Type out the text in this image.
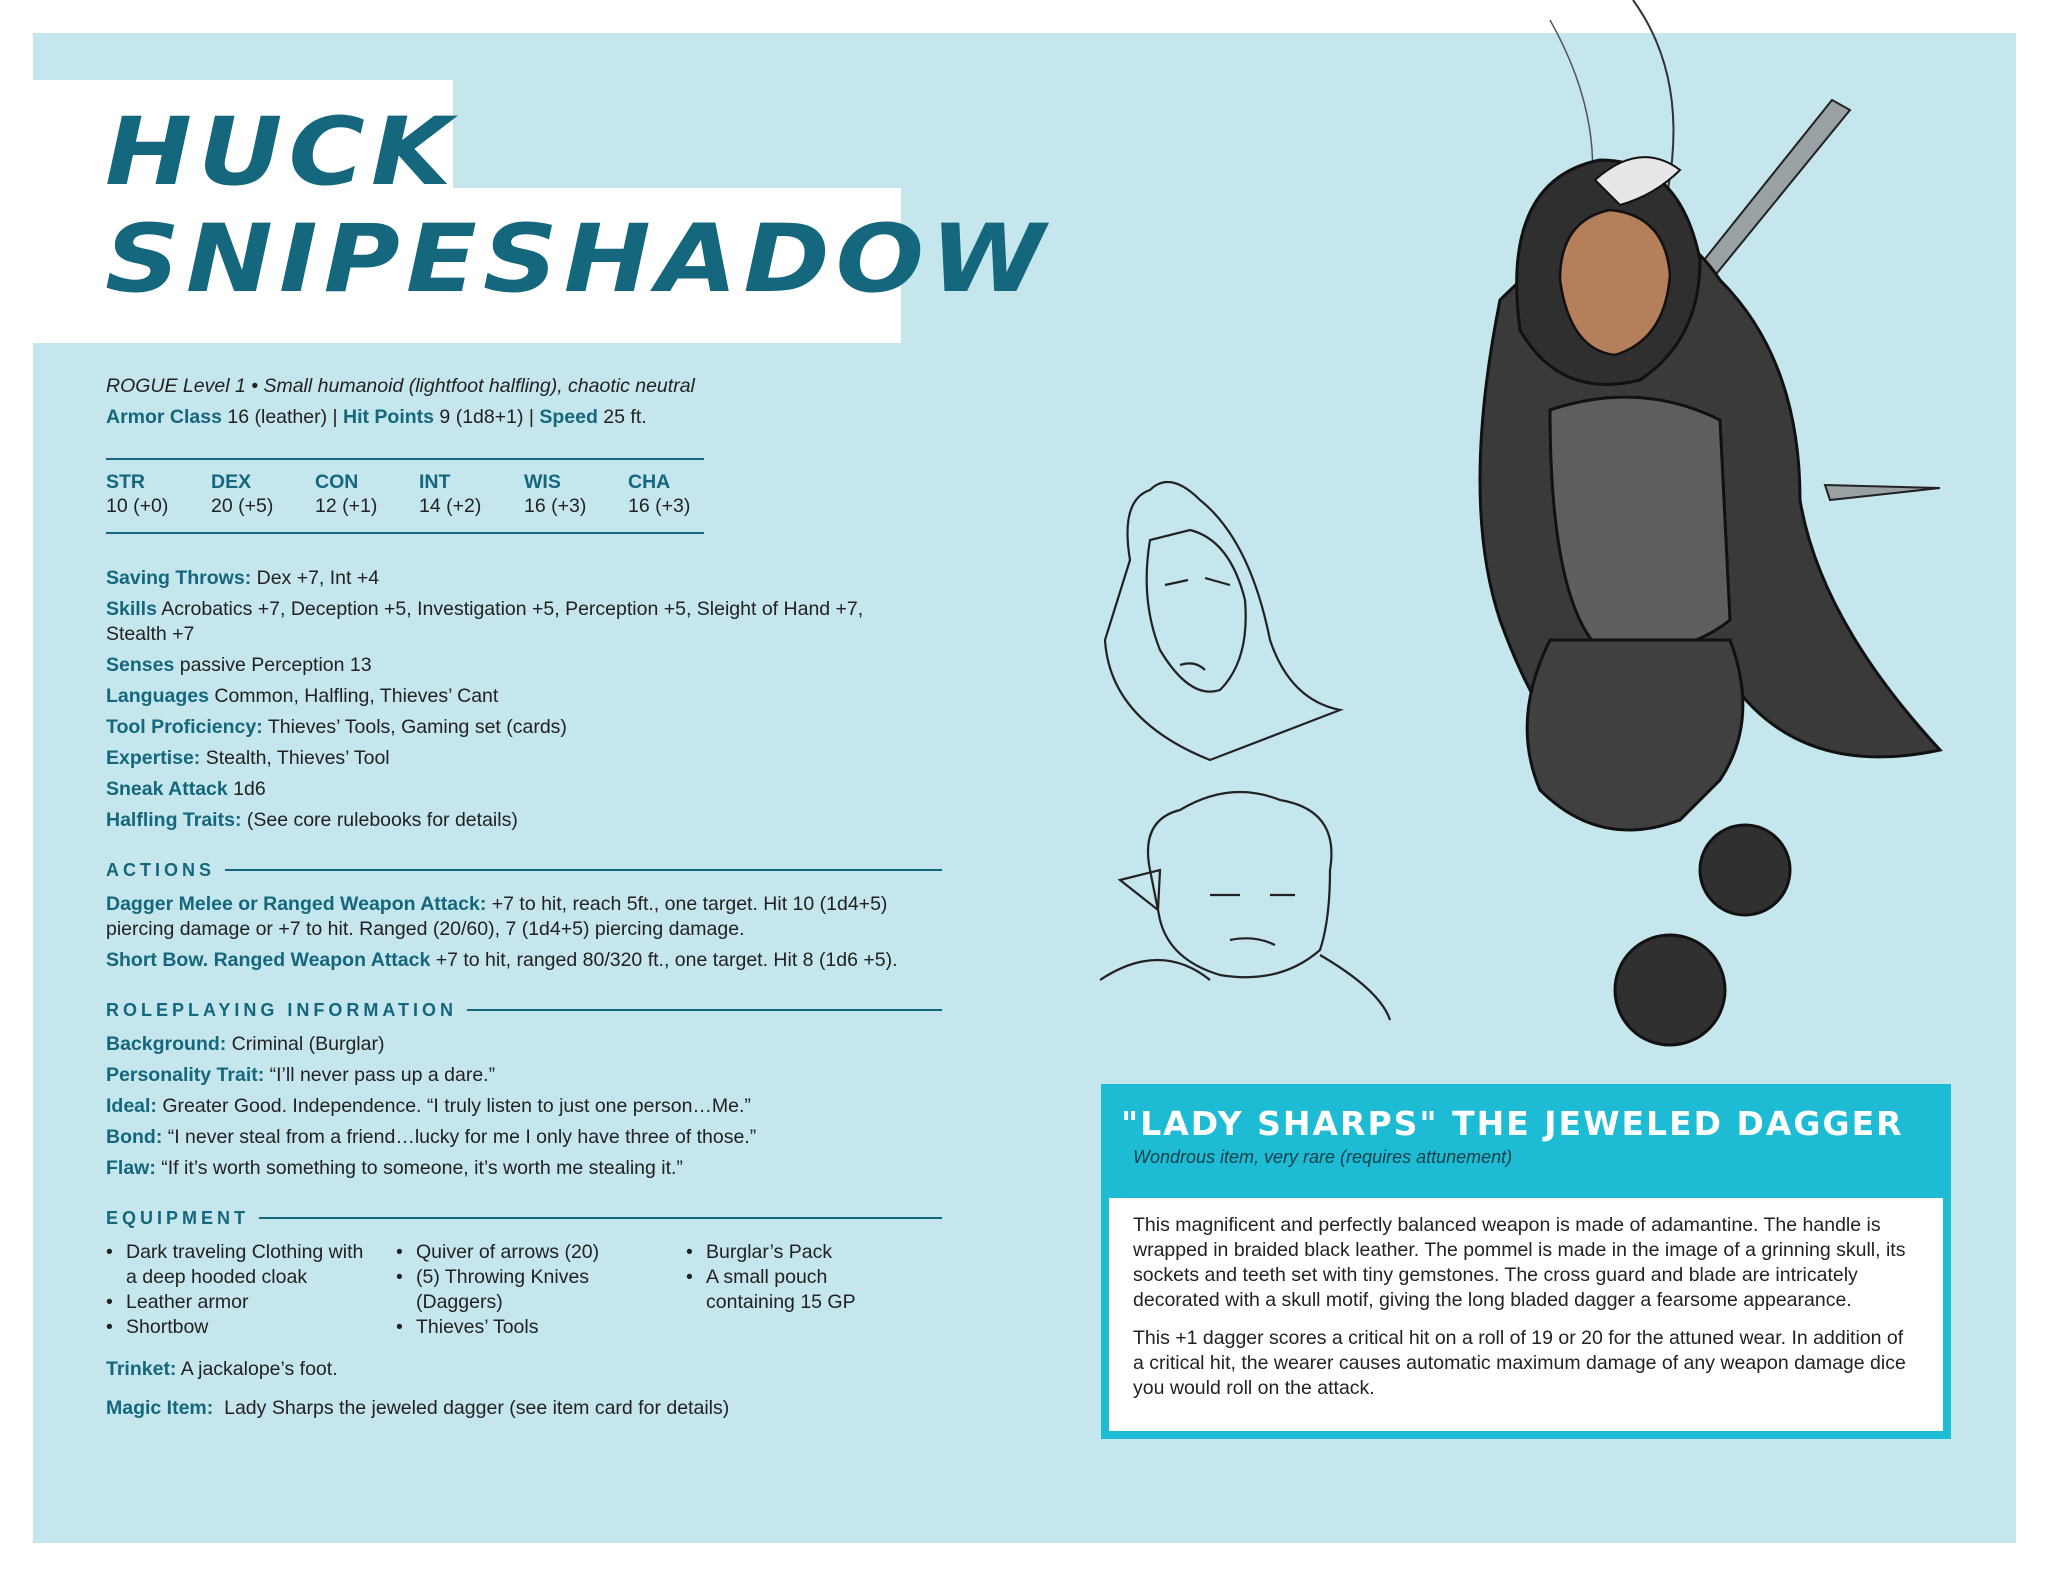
HUCK
SNIPESHADOW
ROGUE Level 1 • Small humanoid (lightfoot halfling), chaotic neutral
Armor Class 16 (leather) | Hit Points 9 (1d8+1) | Speed 25 ft.
STR
10 (+0)
DEX
20 (+5)
CON
12 (+1)
INT
14 (+2)
WIS
16 (+3)
CHA
16 (+3)

Saving Throws: Dex +7, Int +4

Skills Acrobatics +7, Deception +5, Investigation +5, Perception +5, Sleight of Hand +7, Stealth +7

Senses passive Perception 13

Languages Common, Halfling, Thieves’ Cant

Tool Proficiency: Thieves’ Tools, Gaming set (cards)

Expertise: Stealth, Thieves’ Tool

Sneak Attack 1d6

Halfling Traits: (See core rulebooks for details)

ACTIONS

Dagger Melee or Ranged Weapon Attack: +7 to hit, reach 5ft., one target. Hit 10 (1d4+5) piercing damage or +7 to hit. Ranged (20/60), 7 (1d4+5) piercing damage.

Short Bow. Ranged Weapon Attack +7 to hit, ranged 80/320 ft., one target. Hit 8 (1d6 +5).

ROLEPLAYING INFORMATION

Background: Criminal (Burglar)

Personality Trait: “I’ll never pass up a dare.”

Ideal: Greater Good. Independence. “I truly listen to just one person…Me.”

Bond: “I never steal from a friend…lucky for me I only have three of those.”

Flaw: “If it’s worth something to someone, it’s worth me stealing it.”

EQUIPMENT
• Dark traveling Clothing with a deep hooded cloak
• Leather armor
• Shortbow
• Quiver of arrows (20)
• (5) Throwing Knives (Daggers)
• Thieves’ Tools
• Burglar’s Pack
• A small pouch containing 15 GP

Trinket: A jackalope’s foot.

Magic Item:  Lady Sharps the jeweled dagger (see item card for details)

"LADY SHARPS" THE JEWELED DAGGER
Wondrous item, very rare (requires attunement)

This magnificent and perfectly balanced weapon is made of adamantine. The handle is wrapped in braided black leather. The pommel is made in the image of a grinning skull, its sockets and teeth set with tiny gemstones. The cross guard and blade are intricately decorated with a skull motif, giving the long bladed dagger a fearsome appearance.

This +1 dagger scores a critical hit on a roll of 19 or 20 for the attuned wear. In addition of a critical hit, the wearer causes automatic maximum damage of any weapon damage dice you would roll on the attack.
